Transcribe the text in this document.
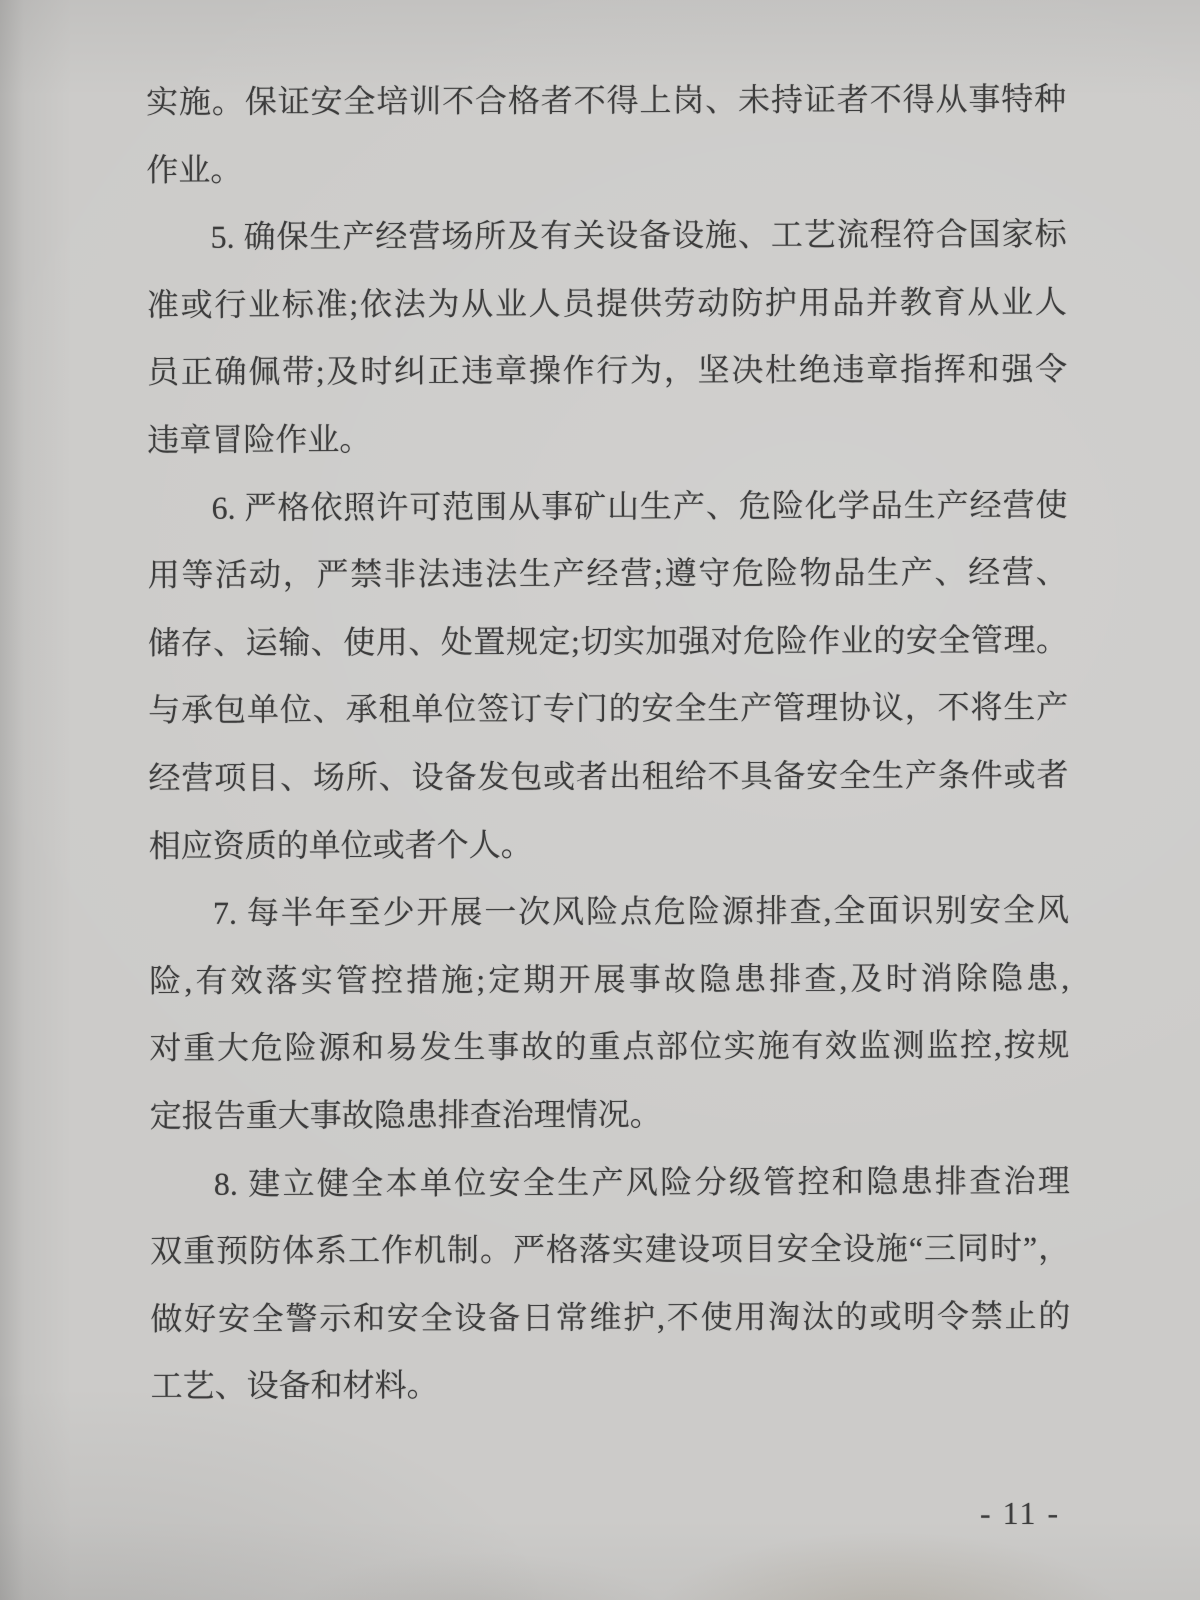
实施。保证安全培训不合格者不得上岗、未持证者不得从事特种
作业。
5. 确保生产经营场所及有关设备设施、工艺流程符合国家标
准或行业标准;依法为从业人员提供劳动防护用品并教育从业人
员正确佩带;及时纠正违章操作行为，坚决杜绝违章指挥和强令
违章冒险作业。
6. 严格依照许可范围从事矿山生产、危险化学品生产经营使
用等活动，严禁非法违法生产经营;遵守危险物品生产、经营、
储存、运输、使用、处置规定;切实加强对危险作业的安全管理。
与承包单位、承租单位签订专门的安全生产管理协议，不将生产
经营项目、场所、设备发包或者出租给不具备安全生产条件或者
相应资质的单位或者个人。
7. 每半年至少开展一次风险点危险源排查,全面识别安全风
险,有效落实管控措施;定期开展事故隐患排查,及时消除隐患,
对重大危险源和易发生事故的重点部位实施有效监测监控,按规
定报告重大事故隐患排查治理情况。
8. 建立健全本单位安全生产风险分级管控和隐患排查治理
双重预防体系工作机制。严格落实建设项目安全设施“三同时”，
做好安全警示和安全设备日常维护,不使用淘汰的或明令禁止的
工艺、设备和材料。
- 11 -
